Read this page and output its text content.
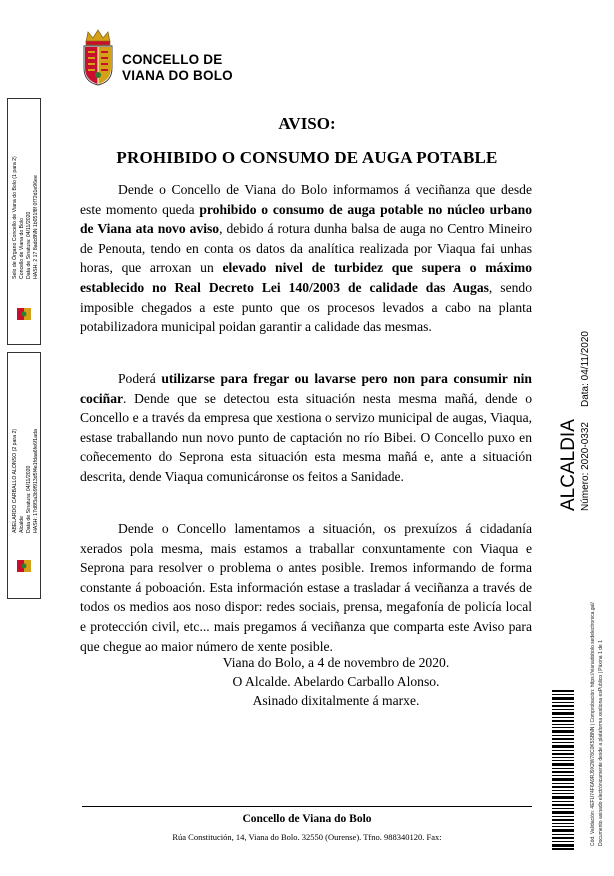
CONCELLO DE
VIANA DO BOLO
Selo de Órgano Concello de Viana do Bolo (1 para 2) Concello de Viana do Bolo Data de Sinatura: 04/11/2020 HASH: 2 17 8adc8NN 1b051f8f 0f72d1e96ee
ABELARDO CARBALLO ALONSO (2 para 2) Alcalde Data de Sinatura: 04/11/2020 HASH: 17d8f3a3b9f913d5f4e1fdaa6fe6f1ada	ALCALDIA Número: 2020-0332
Data: 04/11/2020
Cód. Validación: 4EFU74F6A9RJ9X2W78C0K5SBNN | Comprobación: https://vianadobolo.sedelectronica.gal/ Documento asinado electrónicamente desde a plataforma xestiona esPublico | Páxina 1 de 1
AVISO:
PROHIBIDO O CONSUMO DE AUGA POTABLE

Dende o Concello de Viana do Bolo informamos á veciñanza que desde este momento queda prohibido o consumo de auga potable no núcleo urbano de Viana ata novo aviso, debido á rotura dunha balsa de auga no Centro Mineiro de Penouta, tendo en conta os datos da analítica realizada por Viaqua fai unhas horas, que arroxan un elevado nivel de turbidez que supera o máximo establecido no Real Decreto Lei 140/2003 de calidade das Augas, sendo imposible chegados a este punto que os procesos levados a cabo na planta potabilizadora municipal poidan garantir a calidade das mesmas.

Poderá utilizarse para fregar ou lavarse pero non para consumir nin cociñar. Dende que se detectou esta situación nesta mesma mañá, dende o Concello e a través da empresa que xestiona o servizo municipal de augas, Viaqua, estase traballando nun novo punto de captación no río Bibei. O Concello puxo en coñecemento do Seprona esta situación esta mesma mañá e, ante a situación descrita, dende Viaqua comunicáronse os feitos a Sanidade.

Dende o Concello lamentamos a situación, os prexuízos á cidadanía xerados pola mesma, mais estamos a traballar conxuntamente con Viaqua e Seprona para resolver o problema o antes posible. Iremos informando de forma constante á poboación. Esta información estase a trasladar á veciñanza a través de todos os medios aos noso dispor: redes sociais, prensa, megafonía de policía local e protección civil, etc... mais pregamos á veciñanza que comparta este Aviso para que chegue ao maior número de xente posible.

Viana do Bolo, a 4 de novembro de 2020.
O Alcalde. Abelardo Carballo Alonso.
Asinado dixitalmente á marxe.
Concello de Viana do Bolo
Rúa Constitución, 14, Viana do Bolo. 32550 (Ourense). Tfno. 988340120. Fax:
